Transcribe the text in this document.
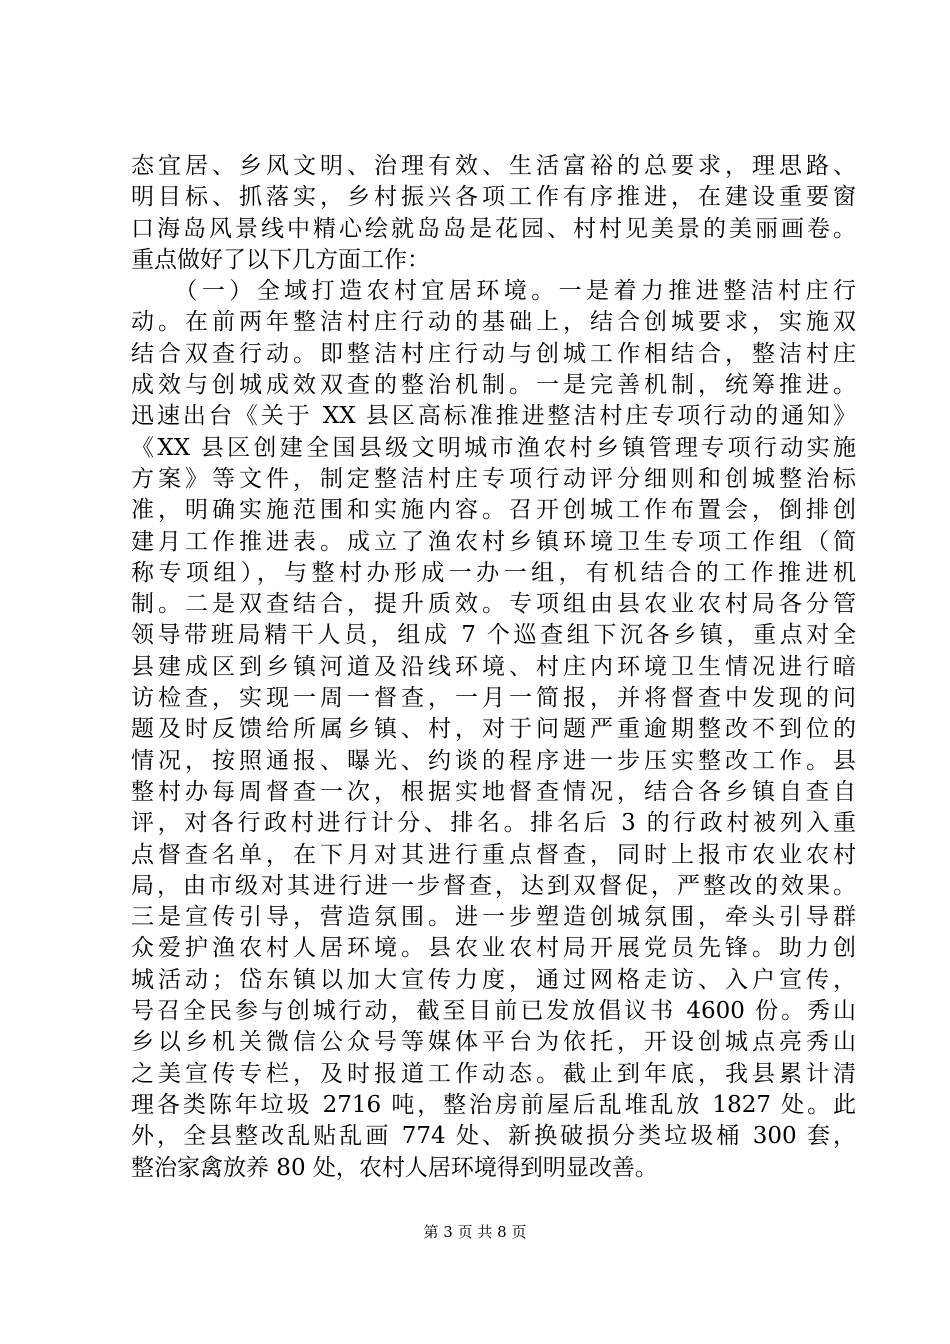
态宜居、乡风文明、治理有效、生活富裕的总要求，理思路、
明目标、抓落实，乡村振兴各项工作有序推进，在建设重要窗
口海岛风景线中精心绘就岛岛是花园、村村见美景的美丽画卷。
重点做好了以下几方面工作：
　　（一）全域打造农村宜居环境。一是着力推进整洁村庄行
动。在前两年整洁村庄行动的基础上，结合创城要求，实施双
结合双查行动。即整洁村庄行动与创城工作相结合，整洁村庄
成效与创城成效双查的整治机制。一是完善机制，统筹推进。
迅速出台《关于 XX 县区高标准推进整洁村庄专项行动的通知》
《XX 县区创建全国县级文明城市渔农村乡镇管理专项行动实施
方案》等文件，制定整洁村庄专项行动评分细则和创城整治标
准，明确实施范围和实施内容。召开创城工作布置会，倒排创
建月工作推进表。成立了渔农村乡镇环境卫生专项工作组（简
称专项组），与整村办形成一办一组，有机结合的工作推进机
制。二是双查结合，提升质效。专项组由县农业农村局各分管
领导带班局精干人员，组成 7 个巡查组下沉各乡镇，重点对全
县建成区到乡镇河道及沿线环境、村庄内环境卫生情况进行暗
访检查，实现一周一督查，一月一简报，并将督查中发现的问
题及时反馈给所属乡镇、村，对于问题严重逾期整改不到位的
情况，按照通报、曝光、约谈的程序进一步压实整改工作。县
整村办每周督查一次，根据实地督查情况，结合各乡镇自查自
评，对各行政村进行计分、排名。排名后 3 的行政村被列入重
点督查名单，在下月对其进行重点督查，同时上报市农业农村
局，由市级对其进行进一步督查，达到双督促，严整改的效果。
三是宣传引导，营造氛围。进一步塑造创城氛围，牵头引导群
众爱护渔农村人居环境。县农业农村局开展党员先锋。助力创
城活动；岱东镇以加大宣传力度，通过网格走访、入户宣传，
号召全民参与创城行动，截至目前已发放倡议书 4600 份。秀山
乡以乡机关微信公众号等媒体平台为依托，开设创城点亮秀山
之美宣传专栏，及时报道工作动态。截止到年底，我县累计清
理各类陈年垃圾 2716 吨，整治房前屋后乱堆乱放 1827 处。此
外，全县整改乱贴乱画 774 处、新换破损分类垃圾桶 300 套，
整治家禽放养 80 处，农村人居环境得到明显改善。
第 3 页 共 8 页
